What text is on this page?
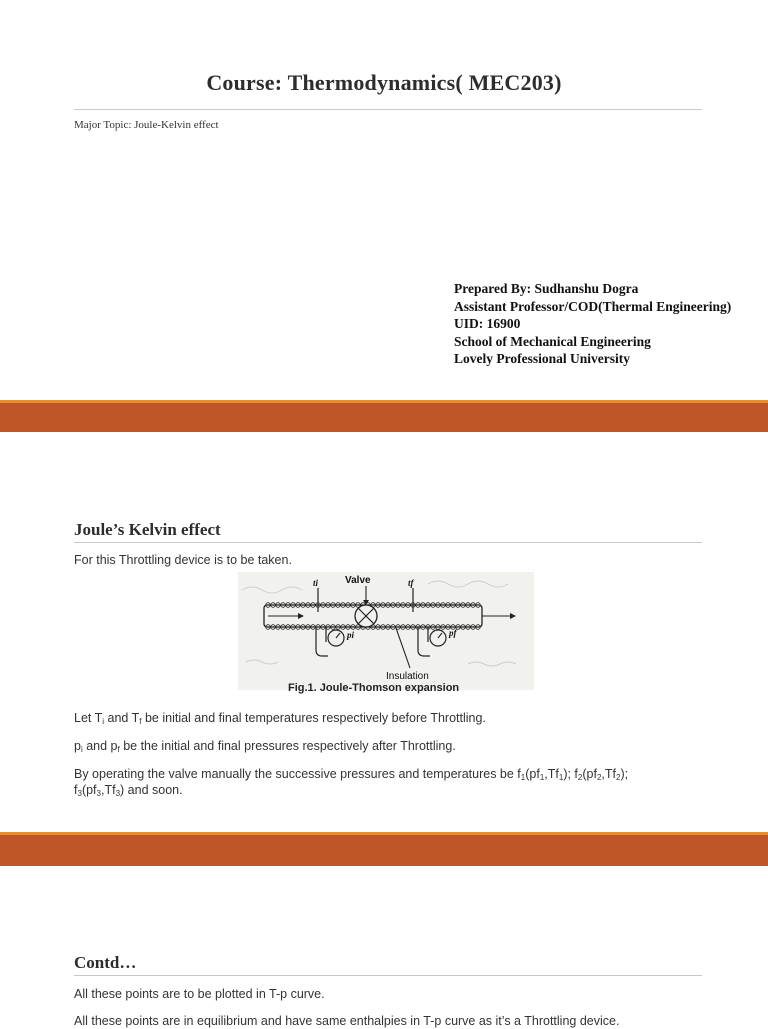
Course: Thermodynamics( MEC203)
Major Topic: Joule-Kelvin effect
Prepared By: Sudhanshu Dogra
Assistant Professor/COD(Thermal Engineering)
UID: 16900
School of Mechanical Engineering
Lovely Professional University
Joule’s Kelvin effect
For this Throttling device is to be taken.
Valve
ti	tf
pi	pf
Insulation
Fig.1. Joule-Thomson expansion
Let $T_i$ and $T_f$ be initial and final temperatures respectively before Throttling.
$p_i$ and $p_f$ be the initial and final pressures respectively after Throttling.
By operating the valve manually the successive pressures and temperatures be $f_1(pf_1,Tf_1)$; $f_2(pf_2,Tf_2)$;
$f_3(pf_3,Tf_3)$ and soon.
Contd…
All these points are to be plotted in T-p curve.
All these points are in equilibrium and have same enthalpies in T-p curve as it’s a Throttling device.
